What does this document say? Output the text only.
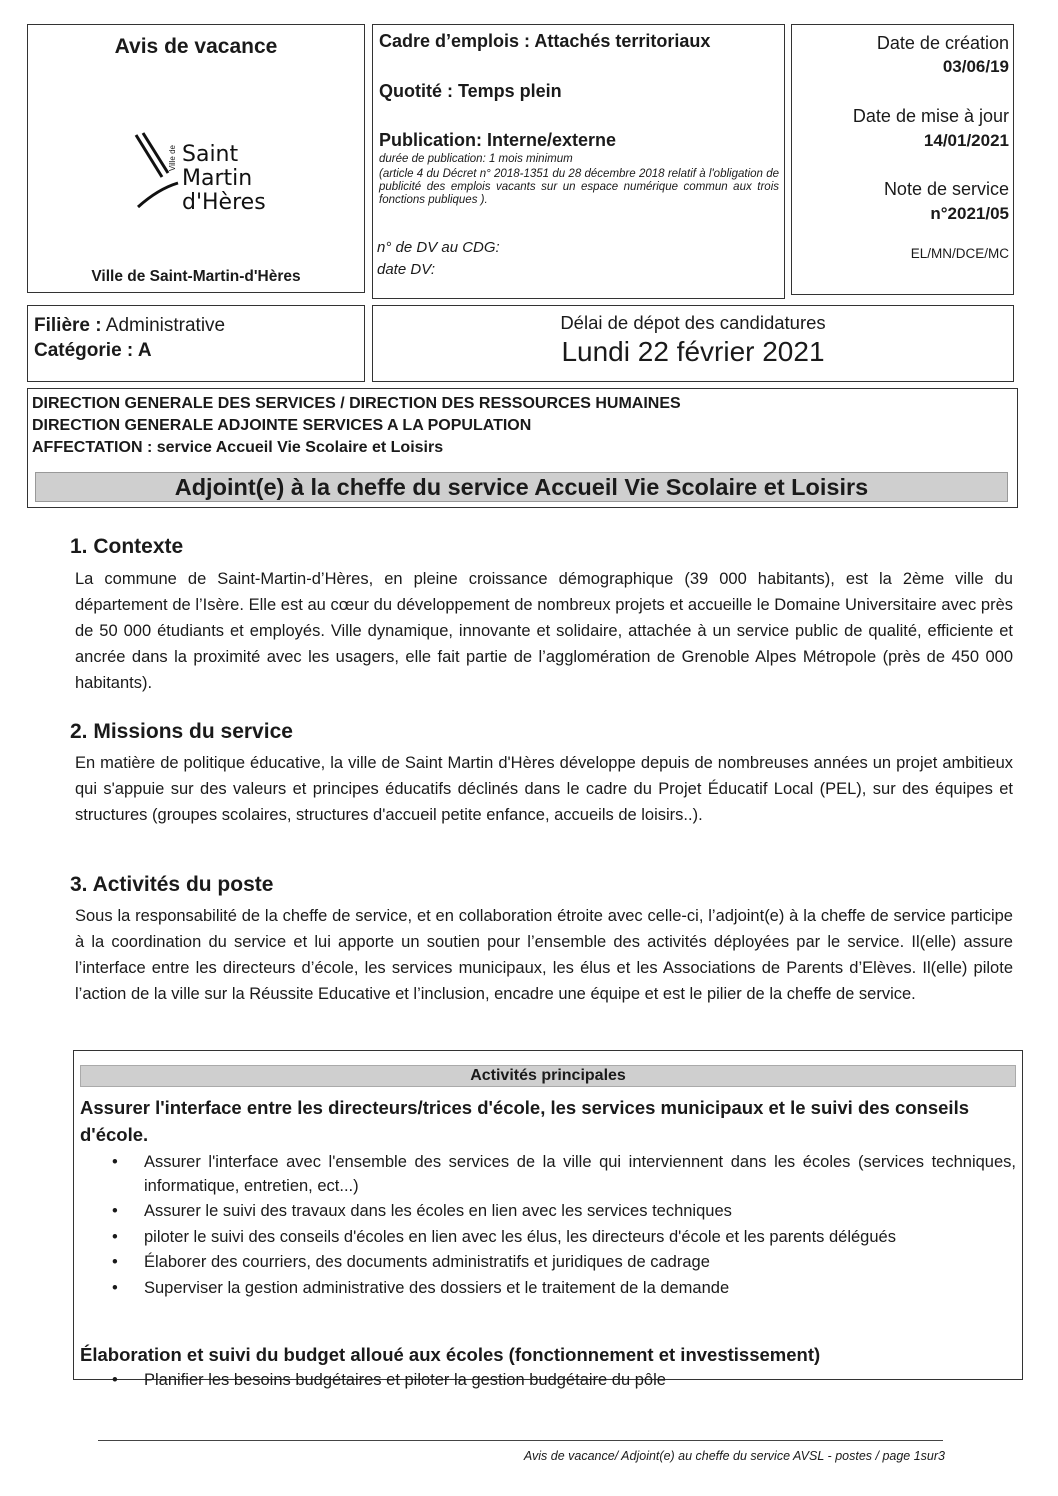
Avis de vacance
Ville de Saint
Martin
d'Hères
Ville de Saint-Martin-d'Hères
Cadre d’emplois : Attachés territoriaux
Quotité : Temps plein
Publication: Interne/externe
durée de publication: 1 mois minimum
(article 4 du Décret n° 2018-1351 du 28 décembre 2018 relatif à l'obligation de publicité des emplois vacants sur un espace numérique commun aux trois fonctions publiques ).
n° de DV au CDG:
date DV:
Date de création
03/06/19
Date de mise à jour
14/01/2021
Note de service
n°2021/05
EL/MN/DCE/MC
Filière : Administrative
Catégorie : A
Délai de dépot des candidatures
Lundi 22 février 2021
DIRECTION GENERALE DES SERVICES / DIRECTION DES RESSOURCES HUMAINES
DIRECTION GENERALE ADJOINTE SERVICES A LA POPULATION
AFFECTATION : service Accueil Vie Scolaire et Loisirs
Adjoint(e) à la cheffe du service Accueil Vie Scolaire et Loisirs
1. Contexte

La commune de Saint-Martin-d’Hères, en pleine croissance démographique (39 000 habitants), est la 2ème ville du département de l’Isère. Elle est au cœur du développement de nombreux projets et accueille le Domaine Universitaire avec près de 50 000 étudiants et employés. Ville dynamique, innovante et solidaire, attachée à un service public de qualité, efficiente et ancrée dans la proximité avec les usagers, elle fait partie de l’agglomération de Grenoble Alpes Métropole (près de 450 000 habitants).

2. Missions du service

En matière de politique éducative, la ville de Saint Martin d'Hères développe depuis de nombreuses années un projet ambitieux qui s'appuie sur des valeurs et principes éducatifs déclinés dans le cadre du Projet Éducatif Local (PEL), sur des équipes et structures (groupes scolaires, structures d'accueil petite enfance, accueils de loisirs..).

3. Activités du poste

Sous la responsabilité de la cheffe de service, et en collaboration étroite avec celle-ci, l’adjoint(e) à la cheffe de service participe à la coordination du service et lui apporte un soutien pour l’ensemble des activités déployées par le service. Il(elle) assure l’interface entre les directeurs d’école, les services municipaux, les élus et les Associations de Parents d’Elèves. Il(elle) pilote l’action de la ville sur la Réussite Educative et l’inclusion, encadre une équipe et est le pilier de la cheffe de service.

Activités principales
Assurer l'interface entre les directeurs/trices d'école, les services municipaux et le suivi des conseils d'école.
• Assurer l'interface avec l'ensemble des services de la ville qui interviennent dans les écoles (services techniques, informatique, entretien, ect...)
• Assurer le suivi des travaux dans les écoles en lien avec les services techniques
• piloter le suivi des conseils d'écoles en lien avec les élus, les directeurs d'école et les parents délégués
• Élaborer des courriers, des documents administratifs et juridiques de cadrage
• Superviser la gestion administrative des dossiers et le traitement de la demande
Élaboration et suivi du budget alloué aux écoles (fonctionnement et investissement)
• Planifier les besoins budgétaires et piloter la gestion budgétaire du pôle
Avis de vacance/ Adjoint(e) au cheffe du service AVSL - postes / page 1sur3
